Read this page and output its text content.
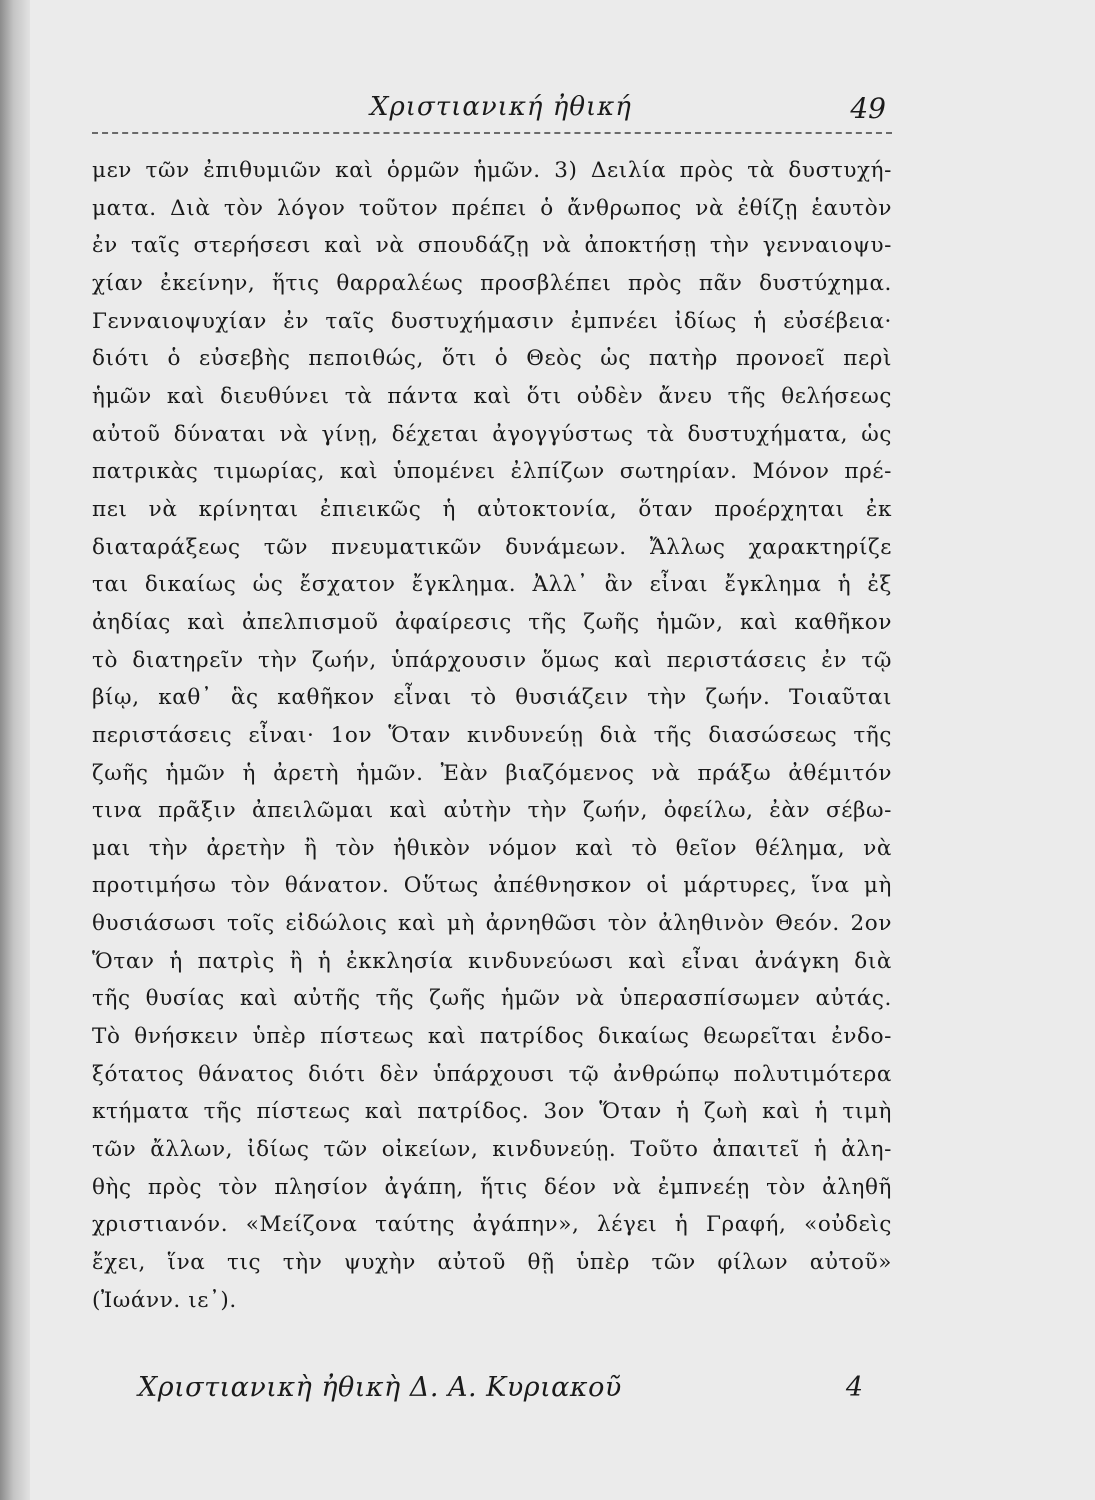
Χριστιανική ἠθική	49
μεν τῶν ἐπιθυμιῶν καὶ ὁρμῶν ἡμῶν. 3) Δειλία πρὸς τὰ δυστυχή-
ματα. Διὰ τὸν λόγον τοῦτον πρέπει ὁ ἄνθρωπος νὰ ἐθίζῃ ἑαυτὸν
ἐν ταῖς στερήσεσι καὶ νὰ σπουδάζῃ νὰ ἀποκτήσῃ τὴν γενναιοψυ-
χίαν ἐκείνην, ἥτις θαρραλέως προσβλέπει πρὸς πᾶν δυστύχημα.
Γενναιοψυχίαν ἐν ταῖς δυστυχήμασιν ἐμπνέει ἰδίως ἡ εὐσέβεια·
διότι ὁ εὐσεβὴς πεποιθώς, ὅτι ὁ Θεὸς ὡς πατὴρ προνοεῖ περὶ
ἡμῶν καὶ διευθύνει τὰ πάντα καὶ ὅτι οὐδὲν ἄνευ τῆς θελήσεως
αὐτοῦ δύναται νὰ γίνῃ, δέχεται ἀγογγύστως τὰ δυστυχήματα, ὡς
πατρικὰς τιμωρίας, καὶ ὑπομένει ἐλπίζων σωτηρίαν. Μόνον πρέ-
πει νὰ κρίνηται ἐπιεικῶς ἡ αὐτοκτονία, ὅταν προέρχηται ἐκ
διαταράξεως τῶν πνευματικῶν δυνάμεων. Ἄλλως χαρακτηρίζε
ται δικαίως ὡς ἔσχατον ἔγκλημα. Ἀλλ᾽ ἂν εἶναι ἔγκλημα ἡ ἐξ
ἀηδίας καὶ ἀπελπισμοῦ ἀφαίρεσις τῆς ζωῆς ἡμῶν, καὶ καθῆκον
τὸ διατηρεῖν τὴν ζωήν, ὑπάρχουσιν ὅμως καὶ περιστάσεις ἐν τῷ
βίῳ, καθ᾽ ἃς καθῆκον εἶναι τὸ θυσιάζειν τὴν ζωήν. Τοιαῦται
περιστάσεις εἶναι· 1ον Ὅταν κινδυνεύῃ διὰ τῆς διασώσεως τῆς
ζωῆς ἡμῶν ἡ ἀρετὴ ἡμῶν. Ἐὰν βιαζόμενος νὰ πράξω ἀθέμιτόν
τινα πρᾶξιν ἀπειλῶμαι καὶ αὐτὴν τὴν ζωήν, ὀφείλω, ἐὰν σέβω-
μαι τὴν ἀρετὴν ἢ τὸν ἠθικὸν νόμον καὶ τὸ θεῖον θέλημα, νὰ
προτιμήσω τὸν θάνατον. Οὕτως ἀπέθνησκον οἱ μάρτυρες, ἵνα μὴ
θυσιάσωσι τοῖς εἰδώλοις καὶ μὴ ἀρνηθῶσι τὸν ἀληθινὸν Θεόν. 2ον
Ὅταν ἡ πατρὶς ἢ ἡ ἐκκλησία κινδυνεύωσι καὶ εἶναι ἀνάγκη διὰ
τῆς θυσίας καὶ αὐτῆς τῆς ζωῆς ἡμῶν νὰ ὑπερασπίσωμεν αὐτάς.
Τὸ θνήσκειν ὑπὲρ πίστεως καὶ πατρίδος δικαίως θεωρεῖται ἐνδο-
ξότατος θάνατος διότι δὲν ὑπάρχουσι τῷ ἀνθρώπῳ πολυτιμότερα
κτήματα τῆς πίστεως καὶ πατρίδος. 3ον Ὅταν ἡ ζωὴ καὶ ἡ τιμὴ
τῶν ἄλλων, ἰδίως τῶν οἰκείων, κινδυνεύῃ. Τοῦτο ἀπαιτεῖ ἡ ἀλη-
θὴς πρὸς τὸν πλησίον ἀγάπη, ἥτις δέον νὰ ἐμπνεέῃ τὸν ἀληθῆ
χριστιανόν. «Μείζονα ταύτης ἀγάπην», λέγει ἡ Γραφή, «οὐδεὶς
ἔχει, ἵνα τις τὴν ψυχὴν αὐτοῦ θῇ ὑπὲρ τῶν φίλων αὐτοῦ»
(Ἰωάνν. ιε᾽).
Χριστιανικὴ ἠθικὴ Δ. Α. Κυριακοῦ	4
